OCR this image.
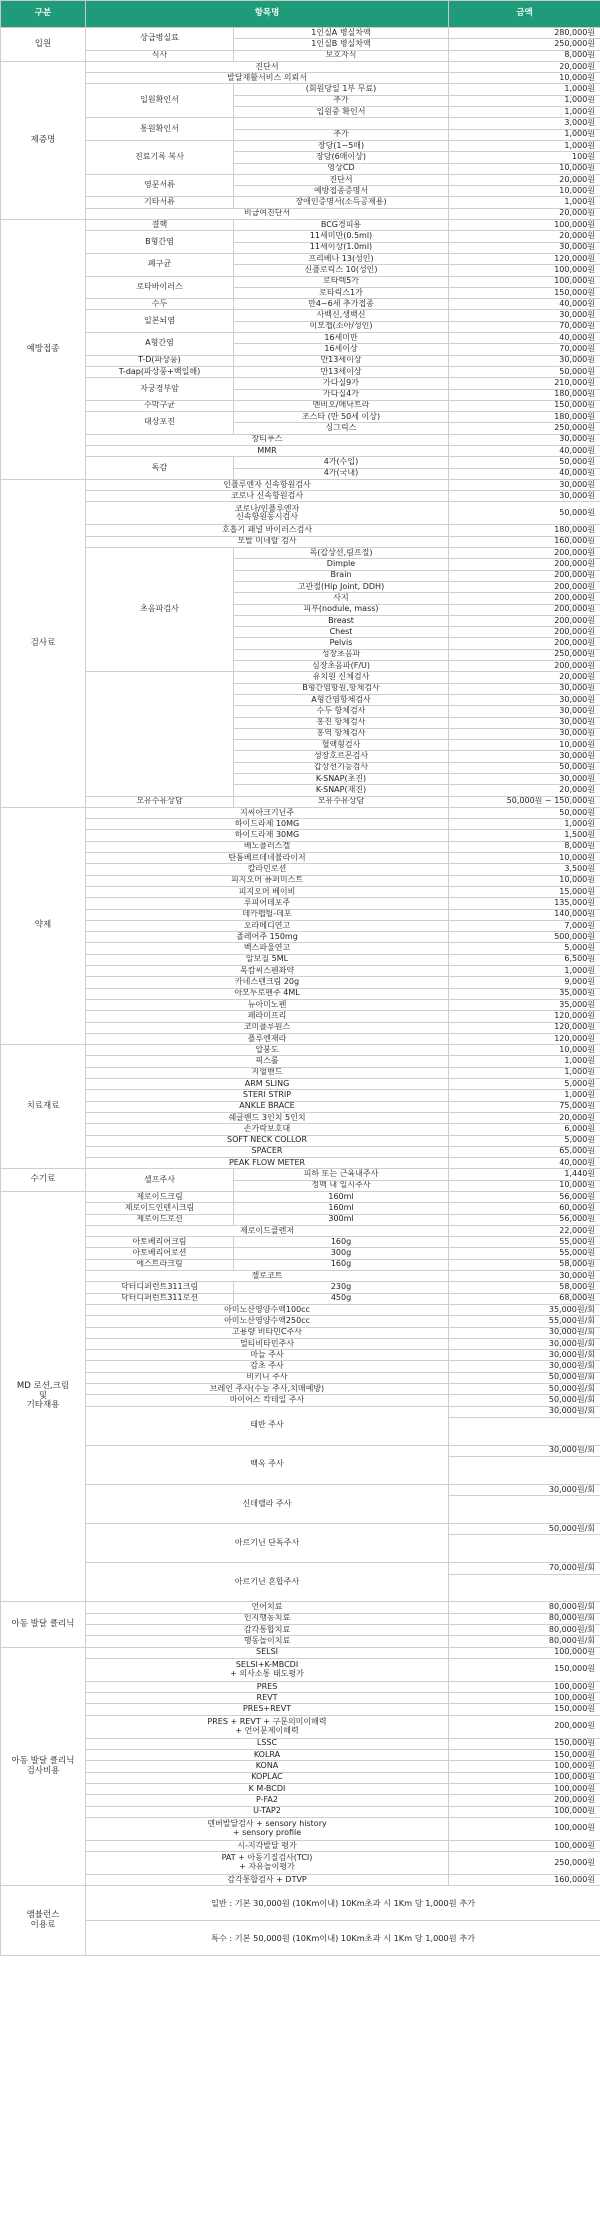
구분	항목명		금액	
입원	상급병실료	1인실A 병실차액	280,000원	
		1인실B 병실차액	250,000원	
	식사	보호자식	8,000원	
제증명	진단서		20,000원	
	발달재활서비스 의뢰서		10,000원	
	입원확인서	(회원당일 1부 무료)	1,000원	
		추가	1,000원	
		입원중 확인서	1,000원	
	통원확인서		3,000원	
		추가	1,000원	
	진료기록 복사	장당(1~5매)	1,000원	
		장당(6매이상)	100원	
		영상CD	10,000원	
	영문서류	진단서	20,000원	
		예방접종증명서	10,000원	
	기타서류	장애인증명서(소득공제용)	1,000원	
	비급여진단서		20,000원	
예방접종	결핵	BCG경피용	100,000원	
	B형간염	11세미만(0.5ml)	20,000원	
		11세이상(1.0ml)	30,000원	
	폐구균	프리베나 13(성인)	120,000원	
		신플로릭스 10(성인)	100,000원	
	로타바이러스	로타텍5가	100,000원	
		로타릭스1가	150,000원	
	수두	만4~6세 추가접종	40,000원	
	일본뇌염	사백신,생백신	30,000원	
		이모젭(소아/성인)	70,000원	
	A형간염	16세미만	40,000원	
		16세이상	70,000원	
	T-D(파상풍)	만13세이상	30,000원	
	T-dap(파상풍+백일해)	만13세이상	50,000원	
	자궁경부암	가다실9가	210,000원	
		가다실4가	180,000원	
	수막구균	멘비오/메낙트라	150,000원	
	대상포진	조스타 (만 50세 이상)	180,000원	
		싱그릭스	250,000원	
	장티푸스		30,000원	
	MMR		40,000원	
	독감	4가(수입)	50,000원	
		4가(국내)	40,000원	
검사료	인플루엔자 신속항원검사		30,000원	
	코로나 신속항원검사		30,000원	
	코로나/인플루엔자
신속항원동시검사		50,000원	
	호흡기 패널 바이러스검사		180,000원	
	모발 미네랄 검사		160,000원	
	초음파검사	목(갑상선,림프절)	200,000원	
		Dimple	200,000원	
		Brain	200,000원	
		고관절(Hip Joint, DDH)	200,000원	
		사지	200,000원	
		피부(nodule, mass)	200,000원	
		Breast	200,000원	
		Chest	200,000원	
		Pelvis	200,000원	
		성장초음파	250,000원	
		심장초음파(F/U)	200,000원	
		유치원 신체검사	20,000원	
		B형간염항원,항체검사	30,000원	
		A형간염항체검사	30,000원	
		수두 항체검사	30,000원	
		홍진 항체검사	30,000원	
		홍역 항체검사	30,000원	
		혈액형검사	10,000원	
		성장호르몬검사	30,000원	
		갑상선기능검사	50,000원	
		K-SNAP(초진)	30,000원	
		K-SNAP(재진)	20,000원	
	모유수유상담	모유수유상담	50,000원 ~ 150,000원	
약제	지씨아크기닌주		50,000원	
	하이드라제 10MG		1,000원	
	하이드라제 30MG		1,500원	
	베노플러스겔		8,000원	
	탄툼베르데네뷸라이저		10,000원	
	칼라민로션		3,500원	
	피지오머 퓨퍼미스트		10,000원	
	피지오머 베이비		15,000원	
	루피어데포주		135,000원	
	데카펩틸-데포		140,000원	
	오라메디연고		7,000원	
	졸레어주 150mg		500,000원	
	벡스파울연고		5,000원	
	알보칠 5ML		6,500원	
	목캄씨스펜좌약		1,000원	
	카네스텐크림 20g		9,000원	
	아모투로펜주 4ML		35,000원	
	뉴아미노펜		35,000원	
	페라미프리		120,000원	
	코미플루원스		120,000원	
	플루엔재라		120,000원	
치료재료	압붕도		10,000원	
	픽스롤		1,000원	
	지혈밴드		1,000원	
	ARM SLING		5,000원	
	STERI STRIP		1,000원	
	ANKLE BRACE		75,000원	
	쉐글밴드 3인치 5인치		20,000원	
	손가락보호대		6,000원	
	SOFT NECK COLLOR		5,000원	
	SPACER		65,000원	
	PEAK FLOW METER		40,000원	
수기료	셀프주사	피하 또는 근육내주사	1,440원	
		정맥 내 일시주사	10,000원	
MD 로션,크림
및
기타재용	제로이드크림	160ml	56,000원	
	제로이드인텐시크림	160ml	60,000원	
	제로이드로션	300ml	56,000원	
	제로이드클렌저		22,000원	
	아토베리어크림	160g	55,000원	
	아토베리어로션	300g	55,000원	
	에스트라크림	160g	58,000원	
	젤로코트		30,000원	
	닥터디퍼런트311크림	230g	58,000원	
	닥터디퍼런트311로션	450g	68,000원	
	아미노산영양수액100cc		35,000원/회	
	아미노산영양수액250cc		55,000원/회	
	고용량 비타민C주사		30,000원/회	
	멀티비타민주사		30,000원/회	
	마늘 주사		30,000원/회	
	감초 주사		30,000원/회	
	비키니 주사		50,000원/회	
	브레인 주사(수능 주사,치매예방)		50,000원/회	
	마이어스 칵테일 주사		50,000원/회	
	태반 주사		30,000원/회	

	백옥 주사		30,000원/회	

	신데렐라 주사		30,000원/회	

	아르기닌 단독주사		50,000원/회	

	아르기닌 혼합주사		70,000원/회	

아동 발달 클리닉	언어치료		80,000원/회	
	인지행동치료		80,000원/회	
	감각통합치료		80,000원/회	
	행동놀이치료		80,000원/회	
아동 발달 클리닉
검사비용	SELSI		100,000원	
	SELSI+K-MBCDI
+ 의사소통 태도평가		150,000원	
	PRES		100,000원	
	REVT		100,000원	
	PRES+REVT		150,000원	
	PRES + REVT + 구문의미이해력
+ 언어문제이해력		200,000원	
	LSSC		150,000원	
	KOLRA		150,000원	
	KONA		100,000원	
	KOPLAC		100,000원	
	K M-BCDI		100,000원	
	P-FA2		200,000원	
	U-TAP2		100,000원	
	덴버발달검사 + sensory history
+ sensory profile		100,000원	
	시-지각발달 평가		100,000원	
	PAT + 아동기질검사(TCI)
+ 자유놀이평가		250,000원	
	감각통합검사 + DTVP		160,000원	
앰뷸런스
이용료	일반 : 기본 30,000원 (10Km이내) 10Km초과 시 1Km 당 1,000원 추가			
	특수 : 기본 50,000원 (10Km이내) 10Km초과 시 1Km 당 1,000원 추가			
